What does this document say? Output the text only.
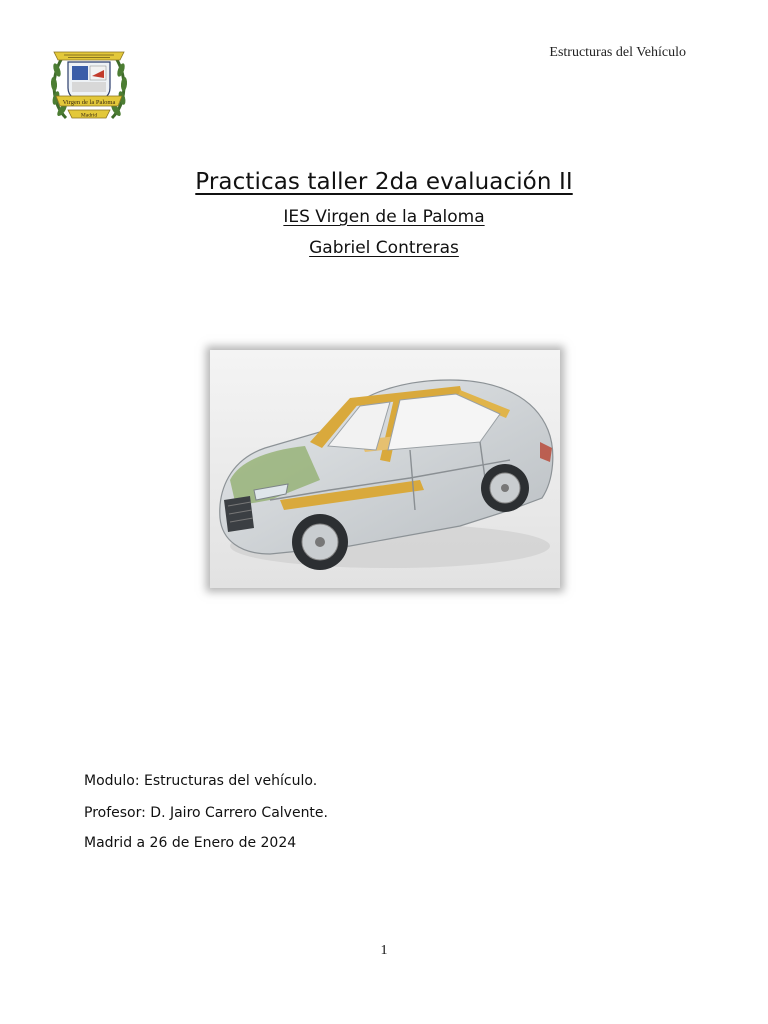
Virgen de la Paloma
Madrid
Estructuras del Vehículo
Practicas taller 2da evaluación II
IES Virgen de la Paloma
Gabriel Contreras
Modulo: Estructuras del vehículo.
Profesor: D. Jairo Carrero Calvente.
Madrid a 26 de Enero de 2024
1
